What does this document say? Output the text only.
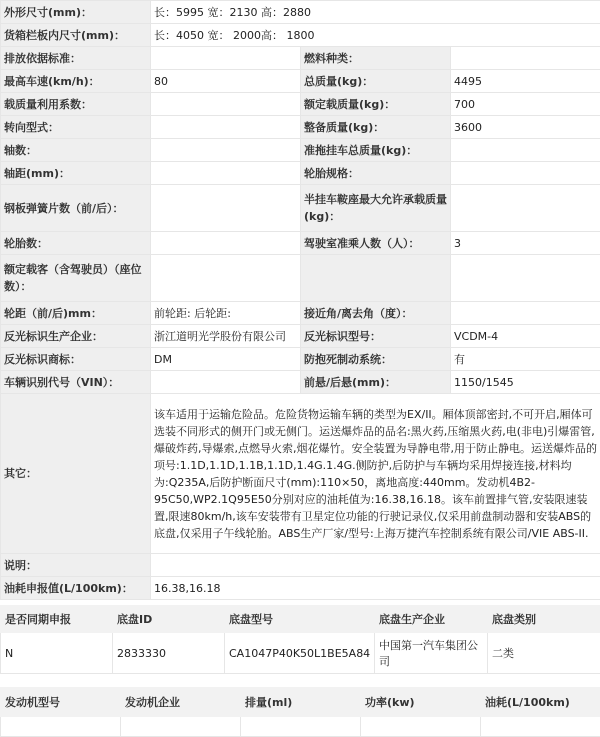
外形尺寸(mm)：	长：5995 宽：2130 高：2880		
货箱栏板内尺寸(mm)：	长：4050 宽： 2000高： 1800		
排放依据标准：		燃料种类：	
最高车速(km/h)：	80	总质量(kg)：	4495
载质量利用系数：		额定载质量(kg)：	700
转向型式：		整备质量(kg)：	3600
轴数：		准拖挂车总质量(kg)：	
轴距(mm)：		轮胎规格：	
钢板弹簧片数（前/后）：		半挂车鞍座最大允许承载质量(kg)：	
轮胎数：		驾驶室准乘人数（人）：	3
额定载客（含驾驶员）（座位数）：			
轮距（前/后)mm：	前轮距: 后轮距:	接近角/离去角（度）：	
反光标识生产企业：	浙江道明光学股份有限公司	反光标识型号：	VCDM-4
反光标识商标：	DM	防抱死制动系统：	有
车辆识别代号（VIN）：		前悬/后悬(mm)：	1150/1545
其它：	该车适用于运输危险品。危险货物运输车辆的类型为EX/II。厢体顶部密封,不可开启,厢体可选装不同形式的侧开门或无侧门。运送爆炸品的品名:黑火药,压缩黑火药,电(非电)引爆雷管,爆破炸药,导爆索,点燃导火索,烟花爆竹。安全装置为导静电带,用于防止静电。运送爆炸品的项号:1.1D,1.1D,1.1B,1.1D,1.4G.1.4G.侧防护,后防护与车辆均采用焊接连接,材料均为:Q235A,后防护断面尺寸(mm):110×50，离地高度:440mm。发动机4B2-95C50,WP2.1Q95E50分别对应的油耗值为:16.38,16.18。该车前置排气管,安装限速装置,限速80km/h,该车安装带有卫星定位功能的行驶记录仪,仅采用前盘制动器和安装ABS的底盘,仅采用子午线轮胎。ABS生产厂家/型号:上海万捷汽车控制系统有限公司/VIE ABS-II.		
说明：			
油耗申报值(L/100km)：	16.38,16.18		
是否同期申报	底盘ID	底盘型号	底盘生产企业	底盘类别
N	2833330	CA1047P40K50L1BE5A84	中国第一汽车集团公司	二类
发动机型号	发动机企业	排量(ml)	功率(kw)	油耗(L/100km)
